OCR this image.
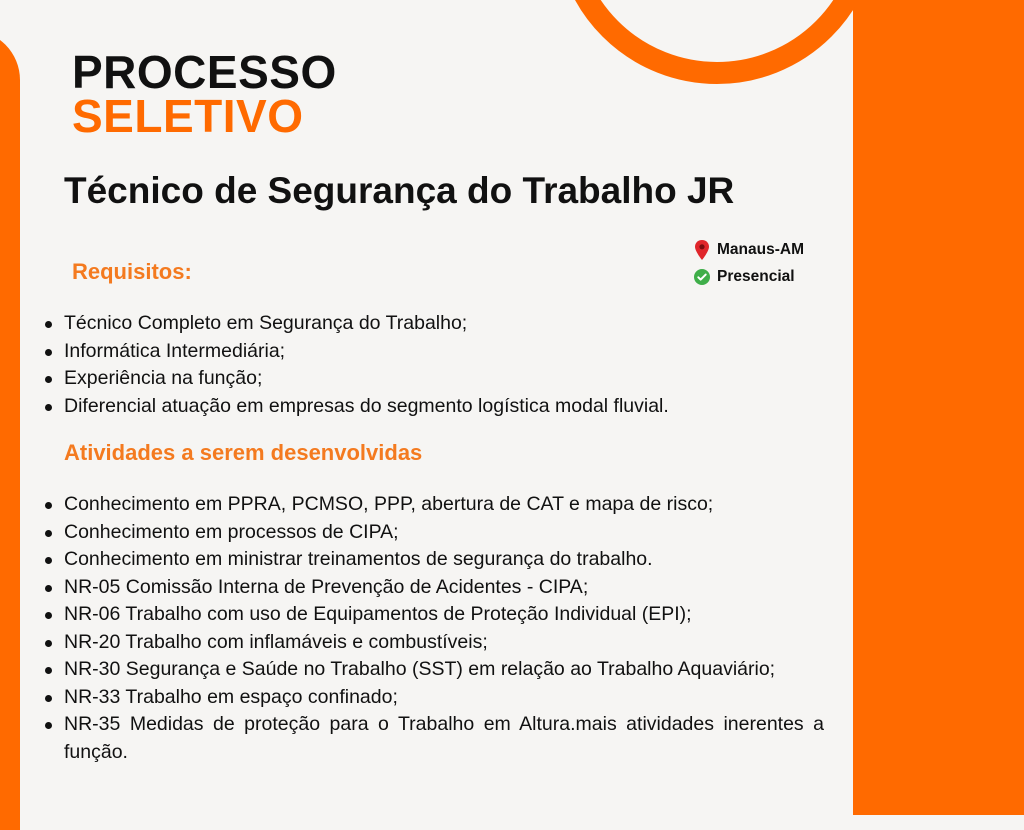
PROCESSO
SELETIVO
Técnico de Segurança do Trabalho JR
Manaus-AM
Presencial
Requisitos:
Técnico Completo em Segurança do Trabalho;
Informática Intermediária;
Experiência na função;
Diferencial atuação em empresas do segmento logística modal fluvial.
Atividades a serem desenvolvidas
Conhecimento em PPRA, PCMSO, PPP, abertura de CAT e mapa de risco;
Conhecimento em processos de CIPA;
Conhecimento em ministrar treinamentos de segurança do trabalho.
NR-05 Comissão Interna de Prevenção de Acidentes - CIPA;
NR-06 Trabalho com uso de Equipamentos de Proteção Individual (EPI);
NR-20 Trabalho com inflamáveis e combustíveis;
NR-30 Segurança e Saúde no Trabalho (SST) em relação ao Trabalho Aquaviário;
NR-33 Trabalho em espaço confinado;
NR-35 Medidas de proteção para o Trabalho em Altura.mais atividades inerentes a função.
